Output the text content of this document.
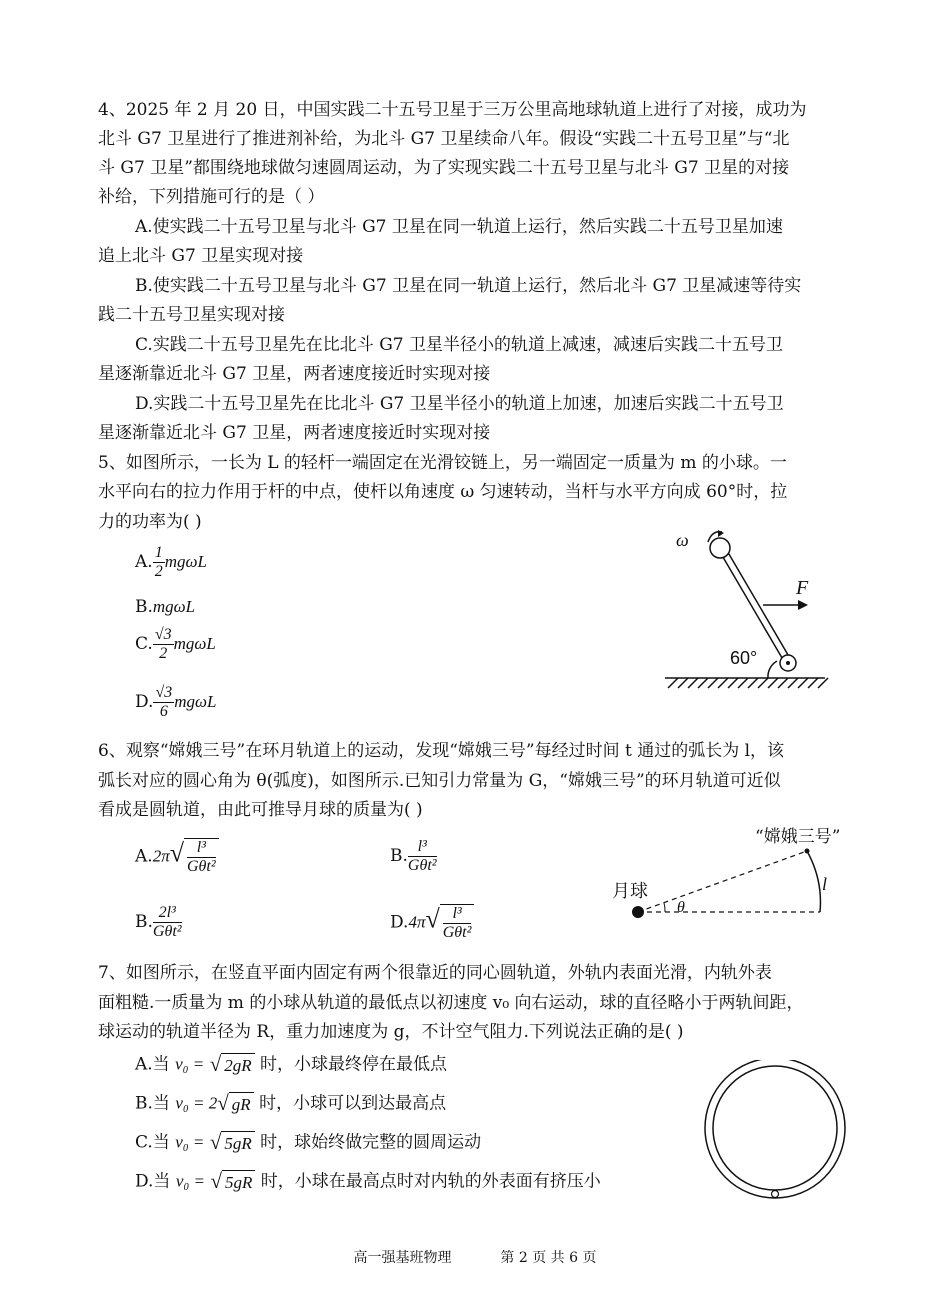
4、2025 年 2 月 20 日，中国实践二十五号卫星于三万公里高地球轨道上进行了对接，成功为
北斗 G7 卫星进行了推进剂补给，为北斗 G7 卫星续命八年。假设“实践二十五号卫星”与“北
斗 G7 卫星”都围绕地球做匀速圆周运动，为了实现实践二十五号卫星与北斗 G7 卫星的对接
补给，下列措施可行的是（ ）
A.使实践二十五号卫星与北斗 G7 卫星在同一轨道上运行，然后实践二十五号卫星加速
追上北斗 G7 卫星实现对接
B.使实践二十五号卫星与北斗 G7 卫星在同一轨道上运行，然后北斗 G7 卫星减速等待实
践二十五号卫星实现对接
C.实践二十五号卫星先在比北斗 G7 卫星半径小的轨道上减速，减速后实践二十五号卫
星逐渐靠近北斗 G7 卫星，两者速度接近时实现对接
D.实践二十五号卫星先在比北斗 G7 卫星半径小的轨道上加速，加速后实践二十五号卫
星逐渐靠近北斗 G7 卫星，两者速度接近时实现对接
5、如图所示，一长为 L 的轻杆一端固定在光滑铰链上，另一端固定一质量为 m 的小球。一
水平向右的拉力作用于杆的中点，使杆以角速度 ω 匀速转动，当杆与水平方向成 60°时，拉
力的功率为( )
A. $\frac{1}{2}$ mgωL
B.mgωL
C. $\frac{√3}{2}$ mgωL
D. $\frac{√3}{6}$ mgωL
ω
F
60°
6、观察“嫦娥三号”在环月轨道上的运动，发现“嫦娥三号”每经过时间 t 通过的弧长为 l，该
弧长对应的圆心角为 θ(弧度)，如图所示.已知引力常量为 G，“嫦娥三号”的环月轨道可近似
看成是圆轨道，由此可推导月球的质量为( )
$A.2\pi√ \frac{\text{l³}}{\text{Gθt²}}$	B. $\frac{\text{l³}}{\text{Gθt²}}$
B. $\frac{\text{2l³}}{\text{Gθt²}}$	$D.4\pi√ \frac{\text{l³}}{\text{Gθt²}}$
月球
“嫦娥三号”
l
θ
7、如图所示，在竖直平面内固定有两个很靠近的同心圆轨道，外轨内表面光滑，内轨外表
面粗糙.一质量为 m 的小球从轨道的最低点以初速度 v₀ 向右运动，球的直径略小于两轨间距，
球运动的轨道半径为 R，重力加速度为 g，不计空气阻力.下列说法正确的是( )
A.当 v₀ = √ 2gR 时，小球最终停在最低点
B.当 v₀ = 2√ gR 时，小球可以到达最高点
C.当 v₀ = √ 5gR 时，球始终做完整的圆周运动
D.当 v₀ = √ 5gR 时，小球在最高点时对内轨的外表面有挤压小
高一强基班物理	第 2 页 共 6 页
